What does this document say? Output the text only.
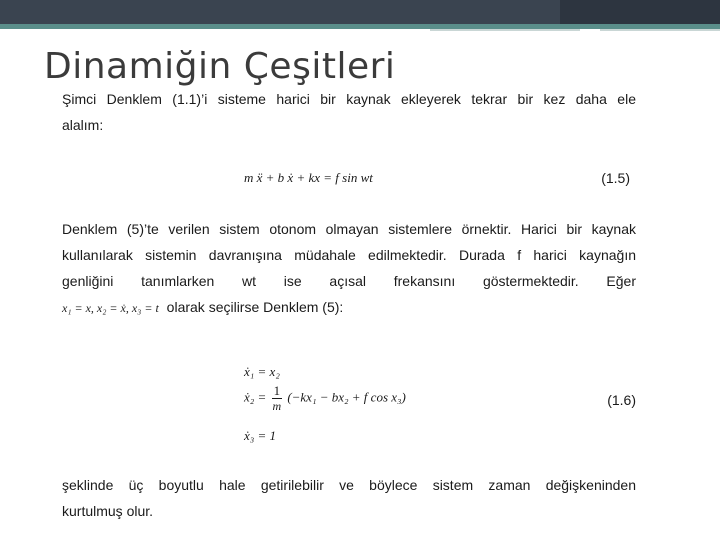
Dinamiğin Çeşitleri
Şimci Denklem (1.1)’i sisteme harici bir kaynak ekleyerek tekrar bir kez daha ele
alalım:
m ẍ + b ẋ + kx = f sin wt	(1.5)
Denklem (5)’te verilen sistem otonom olmayan sistemlere örnektir. Harici bir kaynak
kullanılarak sistemin davranışına müdahale edilmektedir. Durada f harici kaynağın
genliğini tanımlarken wt ise açısal frekansını göstermektedir. Eğer
x₁ = x, x₂ = ẋ, x₃ = t olarak seçilirse Denklem (5):
ẋ₁ = x₂
ẋ₂ = $\frac{1}{m} (-kx_1 - bx_2 + f$ cos x₃)
ẋ₃ = 1
(1.6)
şeklinde üç boyutlu hale getirilebilir ve böylece sistem zaman değişkeninden
kurtulmuş olur.
